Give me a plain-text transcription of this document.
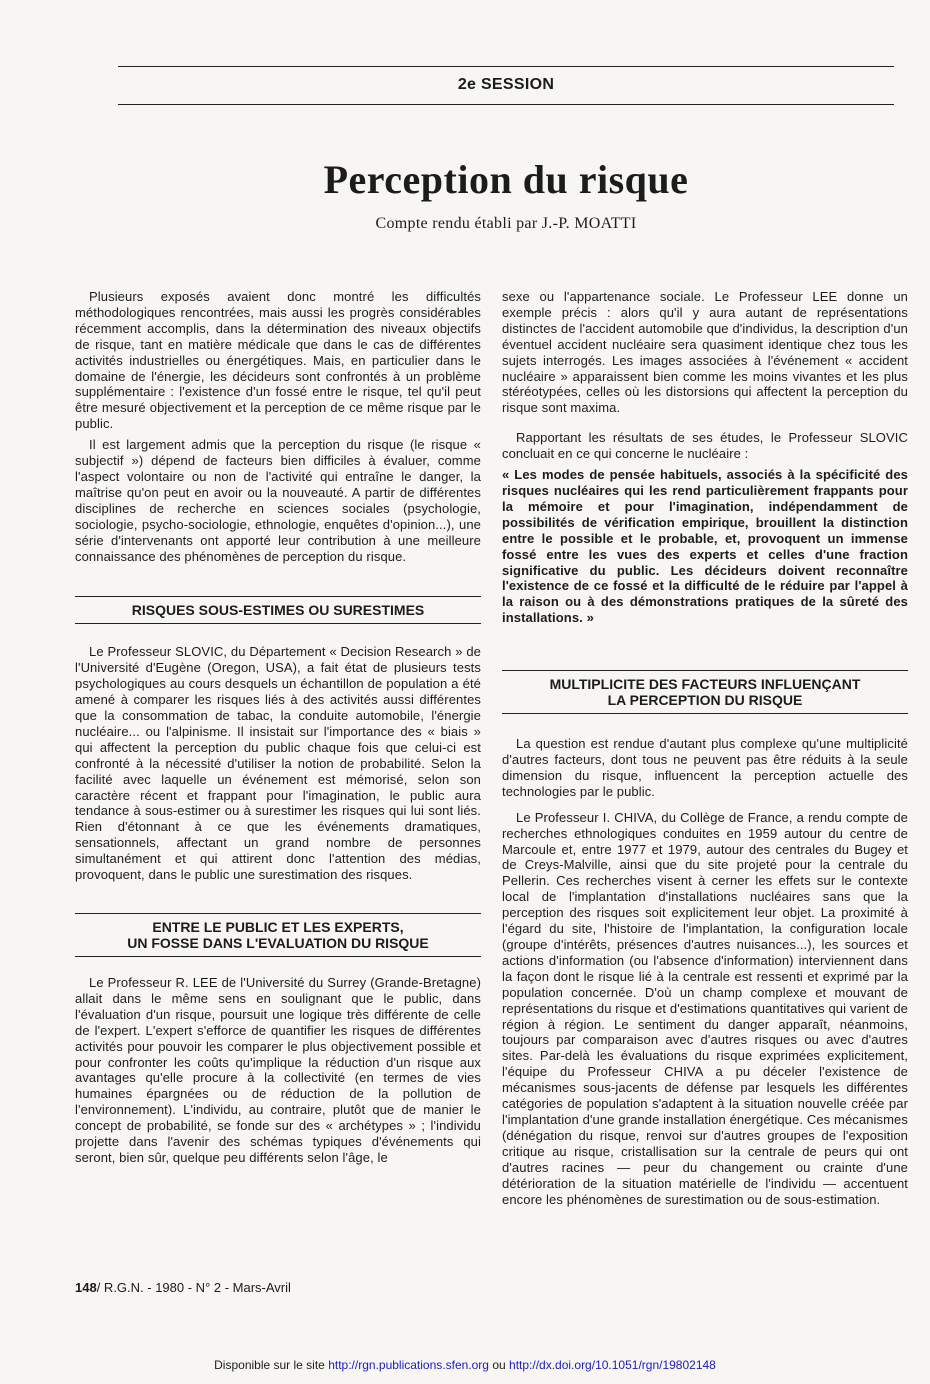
2e SESSION
Perception du risque
Compte rendu établi par J.-P. MOATTI

Plusieurs exposés avaient donc montré les difficultés méthodologiques rencontrées, mais aussi les progrès considérables récemment accomplis, dans la détermination des niveaux objectifs de risque, tant en matière médicale que dans le cas de différentes activités industrielles ou énergétiques. Mais, en particulier dans le domaine de l'énergie, les décideurs sont confrontés à un problème supplémentaire : l'existence d'un fossé entre le risque, tel qu'il peut être mesuré objectivement et la perception de ce même risque par le public.

Il est largement admis que la perception du risque (le risque « subjectif ») dépend de facteurs bien difficiles à évaluer, comme l'aspect volontaire ou non de l'activité qui entraîne le danger, la maîtrise qu'on peut en avoir ou la nouveauté. A partir de différentes disciplines de recherche en sciences sociales (psychologie, sociologie, psycho-sociologie, ethnologie, enquêtes d'opinion...), une série d'intervenants ont apporté leur contribution à une meilleure connaissance des phénomènes de perception du risque.

RISQUES SOUS-ESTIMES OU SURESTIMES

Le Professeur SLOVIC, du Département « Decision Research » de l'Université d'Eugène (Oregon, USA), a fait état de plusieurs tests psychologiques au cours desquels un échantillon de population a été amené à comparer les risques liés à des activités aussi différentes que la consommation de tabac, la conduite automobile, l'énergie nucléaire... ou l'alpinisme. Il insistait sur l'importance des « biais » qui affectent la perception du public chaque fois que celui-ci est confronté à la nécessité d'utiliser la notion de probabilité. Selon la facilité avec laquelle un événement est mémorisé, selon son caractère récent et frappant pour l'imagination, le public aura tendance à sous-estimer ou à surestimer les risques qui lui sont liés. Rien d'étonnant à ce que les événements dramatiques, sensationnels, affectant un grand nombre de personnes simultanément et qui attirent donc l'attention des médias, provoquent, dans le public une surestimation des risques.

ENTRE LE PUBLIC ET LES EXPERTS,
UN FOSSE DANS L'EVALUATION DU RISQUE

Le Professeur R. LEE de l'Université du Surrey (Grande-Bretagne) allait dans le même sens en soulignant que le public, dans l'évaluation d'un risque, poursuit une logique très différente de celle de l'expert. L'expert s'efforce de quantifier les risques de différentes activités pour pouvoir les comparer le plus objectivement possible et pour confronter les coûts qu'implique la réduction d'un risque aux avantages qu'elle procure à la collectivité (en termes de vies humaines épargnées ou de réduction de la pollution de l'environnement). L'individu, au contraire, plutôt que de manier le concept de probabilité, se fonde sur des « archétypes » ; l'individu projette dans l'avenir des schémas typiques d'événements qui seront, bien sûr, quelque peu différents selon l'âge, le

sexe ou l'appartenance sociale. Le Professeur LEE donne un exemple précis : alors qu'il y aura autant de représentations distinctes de l'accident automobile que d'individus, la description d'un éventuel accident nucléaire sera quasiment identique chez tous les sujets interrogés. Les images associées à l'événement « accident nucléaire » apparaissent bien comme les moins vivantes et les plus stéréotypées, celles où les distorsions qui affectent la perception du risque sont maxima.

Rapportant les résultats de ses études, le Professeur SLOVIC concluait en ce qui concerne le nucléaire :

« Les modes de pensée habituels, associés à la spécificité des risques nucléaires qui les rend particulièrement frappants pour la mémoire et pour l'imagination, indépendamment de possibilités de vérification empirique, brouillent la distinction entre le possible et le probable, et, provoquent un immense fossé entre les vues des experts et celles d'une fraction significative du public. Les décideurs doivent reconnaître l'existence de ce fossé et la difficulté de le réduire par l'appel à la raison ou à des démonstrations pratiques de la sûreté des installations. »

MULTIPLICITE DES FACTEURS INFLUENÇANT
LA PERCEPTION DU RISQUE

La question est rendue d'autant plus complexe qu'une multiplicité d'autres facteurs, dont tous ne peuvent pas être réduits à la seule dimension du risque, influencent la perception actuelle des technologies par le public.

Le Professeur I. CHIVA, du Collège de France, a rendu compte de recherches ethnologiques conduites en 1959 autour du centre de Marcoule et, entre 1977 et 1979, autour des centrales du Bugey et de Creys-Malville, ainsi que du site projeté pour la centrale du Pellerin. Ces recherches visent à cerner les effets sur le contexte local de l'implantation d'installations nucléaires sans que la perception des risques soit explicitement leur objet. La proximité à l'égard du site, l'histoire de l'implantation, la configuration locale (groupe d'intérêts, présences d'autres nuisances...), les sources et actions d'information (ou l'absence d'information) interviennent dans la façon dont le risque lié à la centrale est ressenti et exprimé par la population concernée. D'où un champ complexe et mouvant de représentations du risque et d'estimations quantitatives qui varient de région à région. Le sentiment du danger apparaît, néanmoins, toujours par comparaison avec d'autres risques ou avec d'autres sites. Par-delà les évaluations du risque exprimées explicitement, l'équipe du Professeur CHIVA a pu déceler l'existence de mécanismes sous-jacents de défense par lesquels les différentes catégories de population s'adaptent à la situation nouvelle créée par l'implantation d'une grande installation énergétique. Ces mécanismes (dénégation du risque, renvoi sur d'autres groupes de l'exposition critique au risque, cristallisation sur la centrale de peurs qui ont d'autres racines — peur du changement ou crainte d'une détérioration de la situation matérielle de l'individu — accentuent encore les phénomènes de surestimation ou de sous-estimation.

148/ R.G.N. - 1980 - N° 2 - Mars-Avril
Disponible sur le site http://rgn.publications.sfen.org ou http://dx.doi.org/10.1051/rgn/19802148
